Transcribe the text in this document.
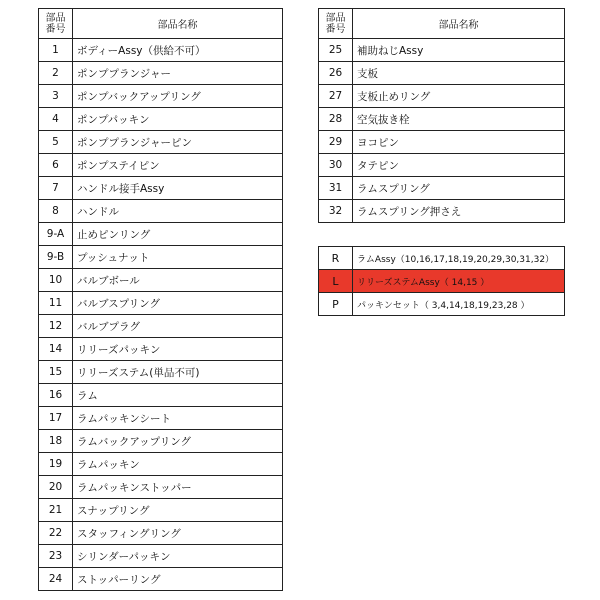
部品
番号	部品名称
1	ボディーAssy（供給不可）
2	ポンププランジャー
3	ポンプバックアップリング
4	ポンプパッキン
5	ポンププランジャーピン
6	ポンプステイピン
7	ハンドル接手Assy
8	ハンドル
9-A	止めピンリング
9-B	プッシュナット
10	バルブボール
11	バルブスプリング
12	バルブプラグ
14	リリーズパッキン
15	リリーズステム(単品不可)
16	ラム
17	ラムパッキンシート
18	ラムバックアップリング
19	ラムパッキン
20	ラムパッキンストッパー
21	スナップリング
22	スタッフィングリング
23	シリンダーパッキン
24	ストッパーリング
部品
番号	部品名称
25	補助ねじAssy
26	支板
27	支板止めリング
28	空気抜き栓
29	ヨコピン
30	タテピン
31	ラムスプリング
32	ラムスプリング押さえ
R	ラムAssy（10,16,17,18,19,20,29,30,31,32）
L	リリーズステムAssy（ 14,15 ）
P	パッキンセット（ 3,4,14,18,19,23,28 ）
